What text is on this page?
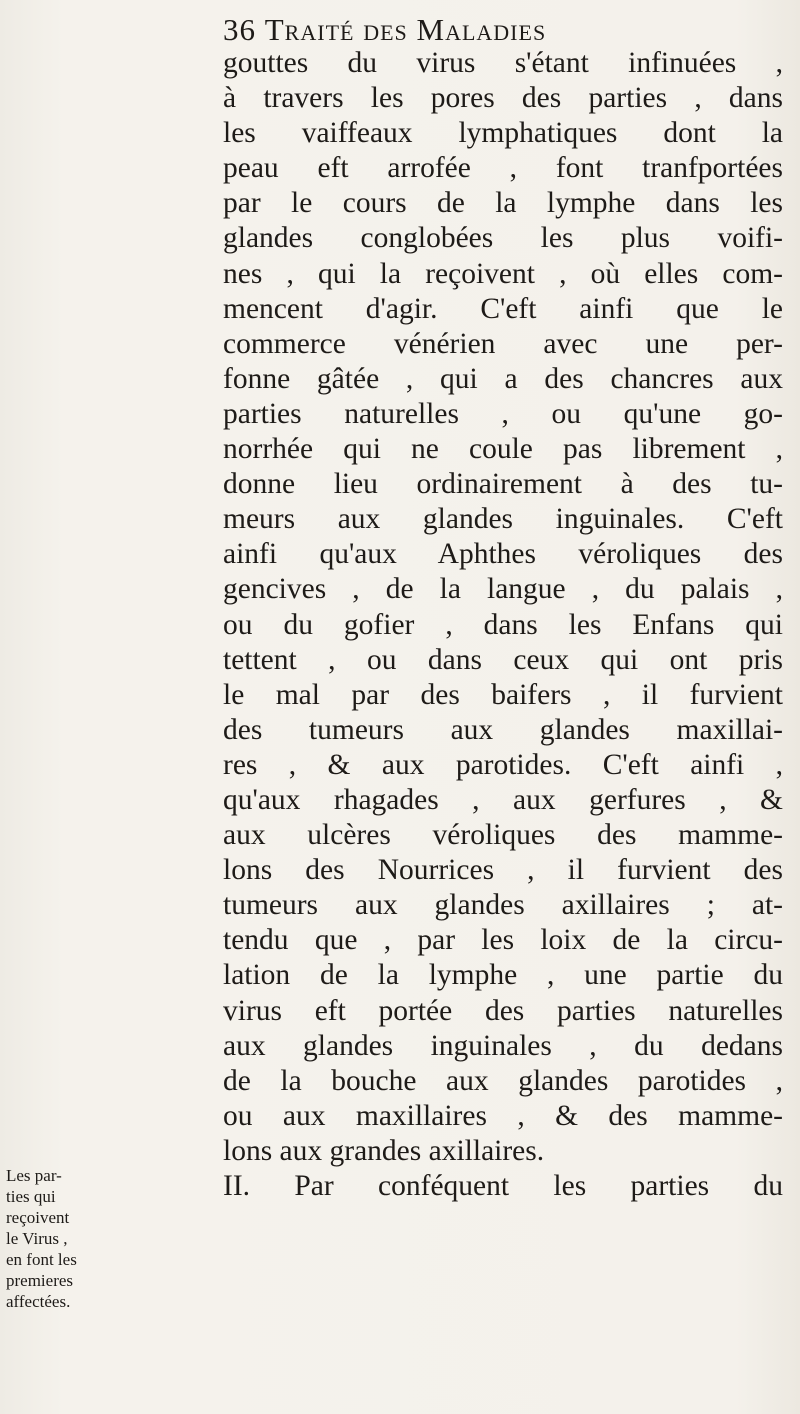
36 Traité des Maladies
gouttes du virus s'étant infinuées ,
à travers les pores des parties , dans
les vaiffeaux lymphatiques dont la
peau eft arrofée , font tranfportées
par le cours de la lymphe dans les
glandes conglobées les plus voifi-
nes , qui la reçoivent , où elles com-
mencent d'agir. C'eft ainfi que le
commerce vénérien avec une per-
fonne gâtée , qui a des chancres aux
parties naturelles , ou qu'une go-
norrhée qui ne coule pas librement ,
donne lieu ordinairement à des tu-
meurs aux glandes inguinales. C'eft
ainfi qu'aux Aphthes véroliques des
gencives , de la langue , du palais ,
ou du gofier , dans les Enfans qui
tettent , ou dans ceux qui ont pris
le mal par des baifers , il furvient
des tumeurs aux glandes maxillai-
res , & aux parotides. C'eft ainfi ,
qu'aux rhagades , aux gerfures , &
aux ulcères véroliques des mamme-
lons des Nourrices , il furvient des
tumeurs aux glandes axillaires ; at-
tendu que , par les loix de la circu-
lation de la lymphe , une partie du
virus eft portée des parties naturelles
aux glandes inguinales , du dedans
de la bouche aux glandes parotides ,
ou aux maxillaires , & des mamme-
lons aux grandes axillaires.
II. Par conféquent les parties du
Les par-
ties qui
reçoivent
le Virus ,
en font les
premieres
affectées.
